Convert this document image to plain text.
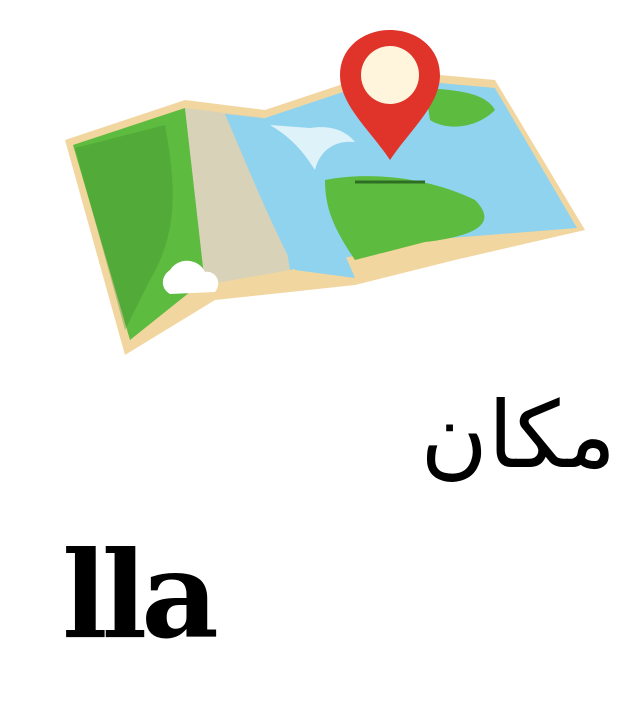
مكان
lla
